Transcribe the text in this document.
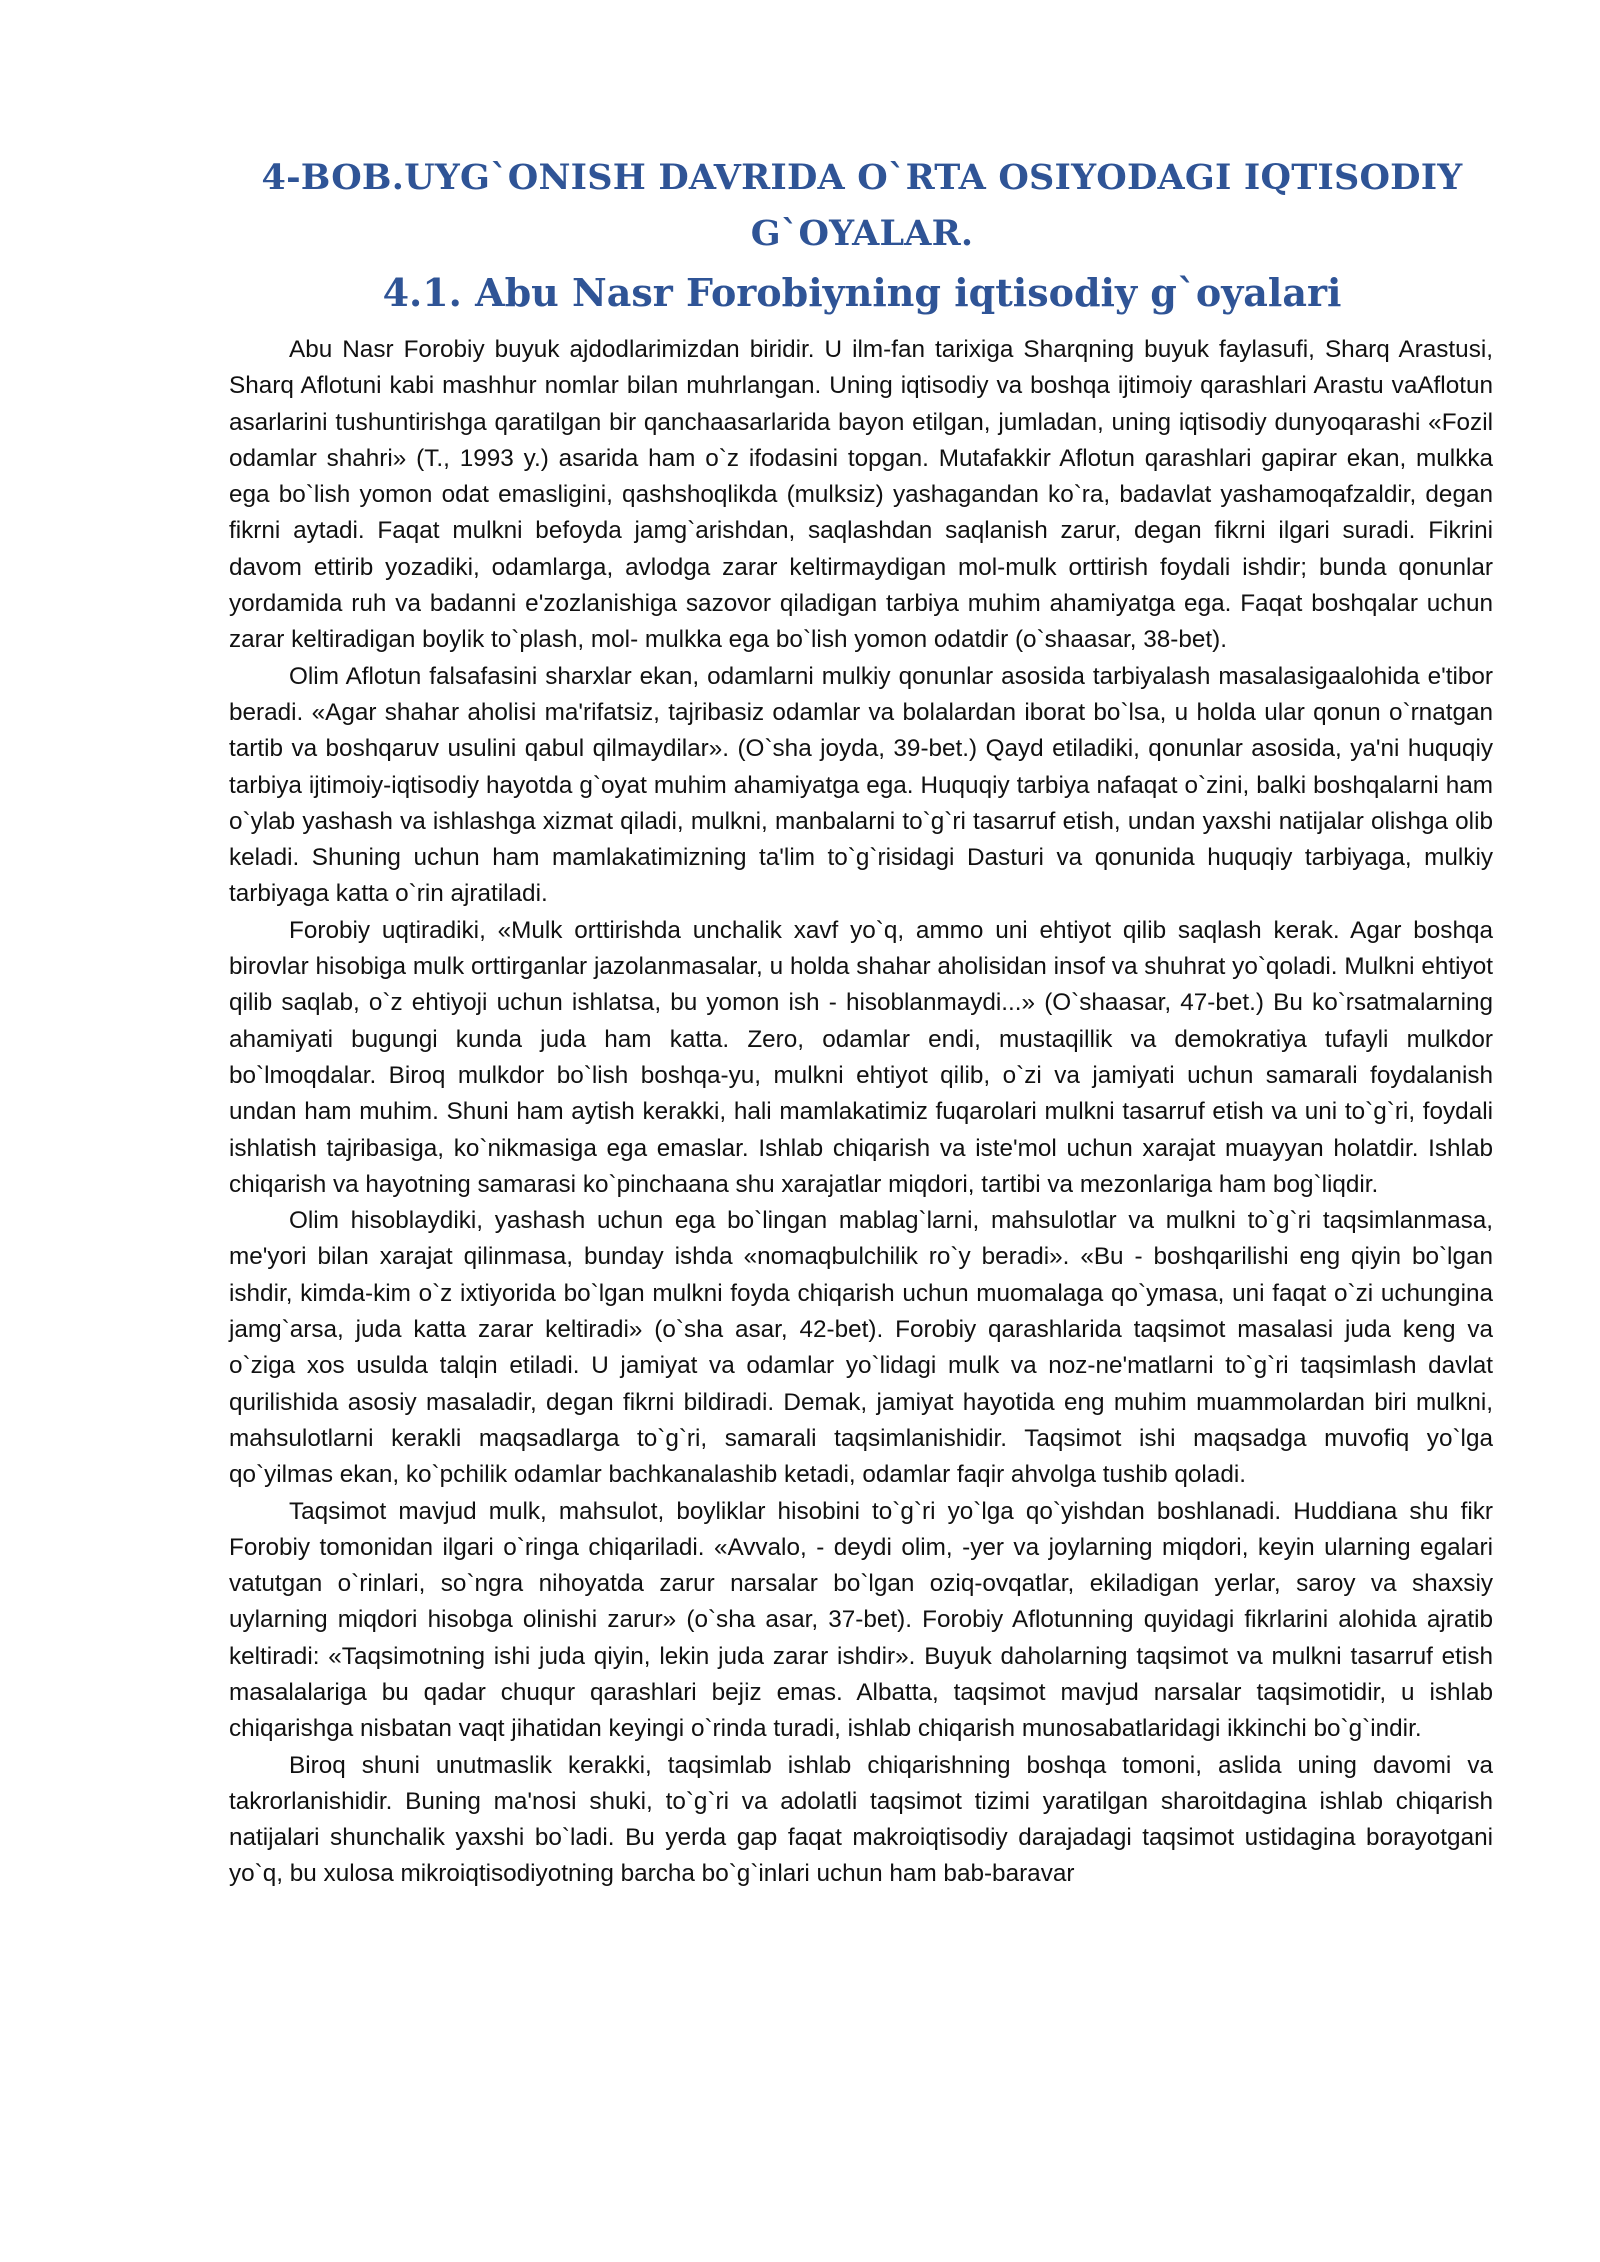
4-BOB.UYG`ONISH DAVRIDA O`RTA OSIYODAGI IQTISODIY
G`OYALAR.
4.1. Abu Nasr Forobiyning iqtisodiy g`oyalari

Abu Nasr Forobiy buyuk ajdodlarimizdan biridir. U ilm-fan tarixiga Sharqning buyuk faylasufi, Sharq Arastusi, Sharq Aflotuni kabi mashhur nomlar bilan muhrlangan. Uning iqtisodiy va boshqa ijtimoiy qarashlari Arastu vaAflotun asarlarini tushuntirishga qaratilgan bir qanchaasarlarida bayon etilgan, jumladan, uning iqtisodiy dunyoqarashi «Fozil odamlar shahri» (T., 1993 y.) asarida ham o`z ifodasini topgan. Mutafakkir Aflotun qarashlari gapirar ekan, mulkka ega bo`lish yomon odat emasligini, qashshoqlikda (mulksiz) yashagandan ko`ra, badavlat yashamoqafzaldir, degan fikrni aytadi. Faqat mulkni befoyda jamg`arishdan, saqlashdan saqlanish zarur, degan fikrni ilgari suradi. Fikrini davom ettirib yozadiki, odamlarga, avlodga zarar keltirmaydigan mol-mulk orttirish foydali ishdir; bunda qonunlar yordamida ruh va badanni e'zozlanishiga sazovor qiladigan tarbiya muhim ahamiyatga ega. Faqat boshqalar uchun zarar keltiradigan boylik to`plash, mol- mulkka ega bo`lish yomon odatdir (o`shaasar, 38-bet).

Olim Aflotun falsafasini sharxlar ekan, odamlarni mulkiy qonunlar asosida tarbiyalash masalasigaalohida e'tibor beradi. «Agar shahar aholisi ma'rifatsiz, tajribasiz odamlar va bolalardan iborat bo`lsa, u holda ular qonun o`rnatgan tartib va boshqaruv usulini qabul qilmaydilar». (O`sha joyda, 39-bet.) Qayd etiladiki, qonunlar asosida, ya'ni huquqiy tarbiya ijtimoiy-iqtisodiy hayotda g`oyat muhim ahamiyatga ega. Huquqiy tarbiya nafaqat o`zini, balki boshqalarni ham o`ylab yashash va ishlashga xizmat qiladi, mulkni, manbalarni to`g`ri tasarruf etish, undan yaxshi natijalar olishga olib keladi. Shuning uchun ham mamlakatimizning ta'lim to`g`risidagi Dasturi va qonunida huquqiy tarbiyaga, mulkiy tarbiyaga katta o`rin ajratiladi.

Forobiy uqtiradiki, «Mulk orttirishda unchalik xavf yo`q, ammo uni ehtiyot qilib saqlash kerak. Agar boshqa birovlar hisobiga mulk orttirganlar jazolanmasalar, u holda shahar aholisidan insof va shuhrat yo`qoladi. Mulkni ehtiyot qilib saqlab, o`z ehtiyoji uchun ishlatsa, bu yomon ish - hisoblanmaydi...» (O`shaasar, 47-bet.) Bu ko`rsatmalarning ahamiyati bugungi kunda juda ham katta. Zero, odamlar endi, mustaqillik va demokratiya tufayli mulkdor bo`lmoqdalar. Biroq mulkdor bo`lish boshqa-yu, mulkni ehtiyot qilib, o`zi va jamiyati uchun samarali foydalanish undan ham muhim. Shuni ham aytish kerakki, hali mamlakatimiz fuqarolari mulkni tasarruf etish va uni to`g`ri, foydali ishlatish tajribasiga, ko`nikmasiga ega emaslar. Ishlab chiqarish va iste'mol uchun xarajat muayyan holatdir. Ishlab chiqarish va hayotning samarasi ko`pinchaana shu xarajatlar miqdori, tartibi va mezonlariga ham bog`liqdir.

Olim hisoblaydiki, yashash uchun ega bo`lingan mablag`larni, mahsulotlar va mulkni to`g`ri taqsimlanmasa, me'yori bilan xarajat qilinmasa, bunday ishda «nomaqbulchilik ro`y beradi». «Bu - boshqarilishi eng qiyin bo`lgan ishdir, kimda-kim o`z ixtiyorida bo`lgan mulkni foyda chiqarish uchun muomalaga qo`ymasa, uni faqat o`zi uchungina jamg`arsa, juda katta zarar keltiradi» (o`sha asar, 42-bet). Forobiy qarashlarida taqsimot masalasi juda keng va o`ziga xos usulda talqin etiladi. U jamiyat va odamlar yo`lidagi mulk va noz-ne'matlarni to`g`ri taqsimlash davlat qurilishida asosiy masaladir, degan fikrni bildiradi. Demak, jamiyat hayotida eng muhim muammolardan biri mulkni, mahsulotlarni kerakli maqsadlarga to`g`ri, samarali taqsimlanishidir. Taqsimot ishi maqsadga muvofiq yo`lga qo`yilmas ekan, ko`pchilik odamlar bachkanalashib ketadi, odamlar faqir ahvolga tushib qoladi.

Taqsimot mavjud mulk, mahsulot, boyliklar hisobini to`g`ri yo`lga qo`yishdan boshlanadi. Huddiana shu fikr Forobiy tomonidan ilgari o`ringa chiqariladi. «Avvalo, - deydi olim, -yer va joylarning miqdori, keyin ularning egalari vatutgan o`rinlari, so`ngra nihoyatda zarur narsalar bo`lgan oziq-ovqatlar, ekiladigan yerlar, saroy va shaxsiy uylarning miqdori hisobga olinishi zarur» (o`sha asar, 37-bet). Forobiy Aflotunning quyidagi fikrlarini alohida ajratib keltiradi: «Taqsimotning ishi juda qiyin, lekin juda zarar ishdir». Buyuk daholarning taqsimot va mulkni tasarruf etish masalalariga bu qadar chuqur qarashlari bejiz emas. Albatta, taqsimot mavjud narsalar taqsimotidir, u ishlab chiqarishga nisbatan vaqt jihatidan keyingi o`rinda turadi, ishlab chiqarish munosabatlaridagi ikkinchi bo`g`indir.

Biroq shuni unutmaslik kerakki, taqsimlab ishlab chiqarishning boshqa tomoni, aslida uning davomi va takrorlanishidir. Buning ma'nosi shuki, to`g`ri va adolatli taqsimot tizimi yaratilgan sharoitdagina ishlab chiqarish natijalari shunchalik yaxshi bo`ladi. Bu yerda gap faqat makroiqtisodiy darajadagi taqsimot ustidagina borayotgani yo`q, bu xulosa mikroiqtisodiyotning barcha bo`g`inlari uchun ham bab-baravar
